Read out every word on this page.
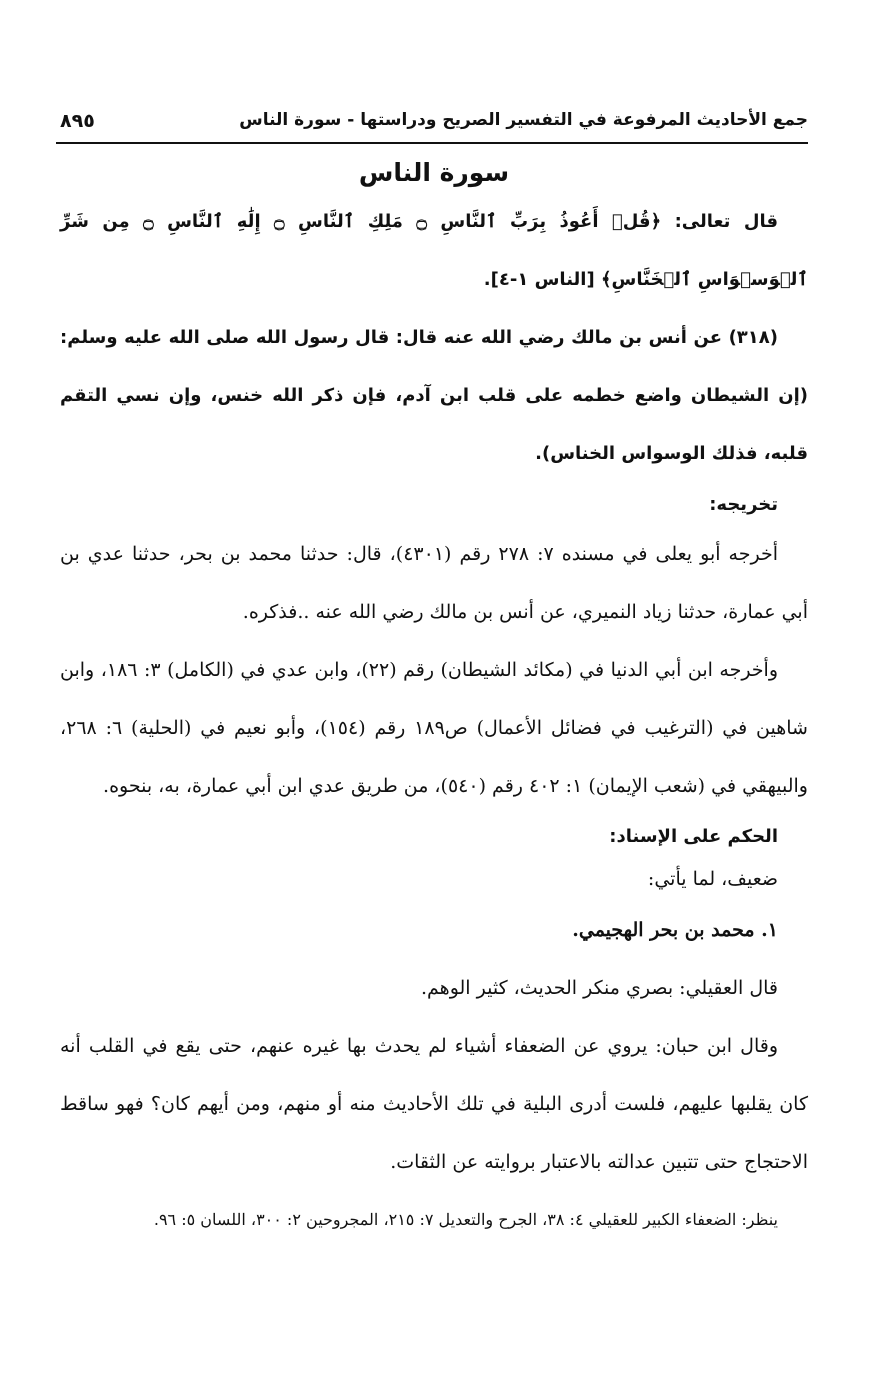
جمع الأحاديث المرفوعة في التفسير الصريح ودراستها - سورة الناس
٨٩٥
سورة الناس

قال تعالى: ﴿قُلۡ أَعُوذُ بِرَبِّ ٱلنَّاسِ ۝ مَلِكِ ٱلنَّاسِ ۝ إِلَٰهِ ٱلنَّاسِ ۝ مِن شَرِّ ٱلۡوَسۡوَاسِ ٱلۡخَنَّاسِ﴾ [الناس ١-٤].

(٣١٨) عن أنس بن مالك رضي الله عنه قال: قال رسول الله صلى الله عليه وسلم: (إن الشيطان واضع خطمه على قلب ابن آدم، فإن ذكر الله خنس، وإن نسي التقم قلبه، فذلك الوسواس الخناس).

تخريجه:

أخرجه أبو يعلى في مسنده ٧: ٢٧٨ رقم (٤٣٠١)، قال: حدثنا محمد بن بحر، حدثنا عدي بن أبي عمارة، حدثنا زياد النميري، عن أنس بن مالك رضي الله عنه ..فذكره.

وأخرجه ابن أبي الدنيا في (مكائد الشيطان) رقم (٢٢)، وابن عدي في (الكامل) ٣: ١٨٦، وابن شاهين في (الترغيب في فضائل الأعمال) ص١٨٩ رقم (١٥٤)، وأبو نعيم في (الحلية) ٦: ٢٦٨، والبيهقي في (شعب الإيمان) ١: ٤٠٢ رقم (٥٤٠)، من طريق عدي ابن أبي عمارة، به، بنحوه.

الحكم على الإسناد:

ضعيف، لما يأتي:

١. محمد بن بحر الهجيمي.

قال العقيلي: بصري منكر الحديث، كثير الوهم.

وقال ابن حبان: يروي عن الضعفاء أشياء لم يحدث بها غيره عنهم، حتى يقع في القلب أنه كان يقلبها عليهم، فلست أدرى البلية في تلك الأحاديث منه أو منهم، ومن أيهم كان؟ فهو ساقط الاحتجاج حتى تتبين عدالته بالاعتبار بروايته عن الثقات.

ينظر: الضعفاء الكبير للعقيلي ٤: ٣٨، الجرح والتعديل ٧: ٢١٥، المجروحين ٢: ٣٠٠، اللسان ٥: ٩٦.
